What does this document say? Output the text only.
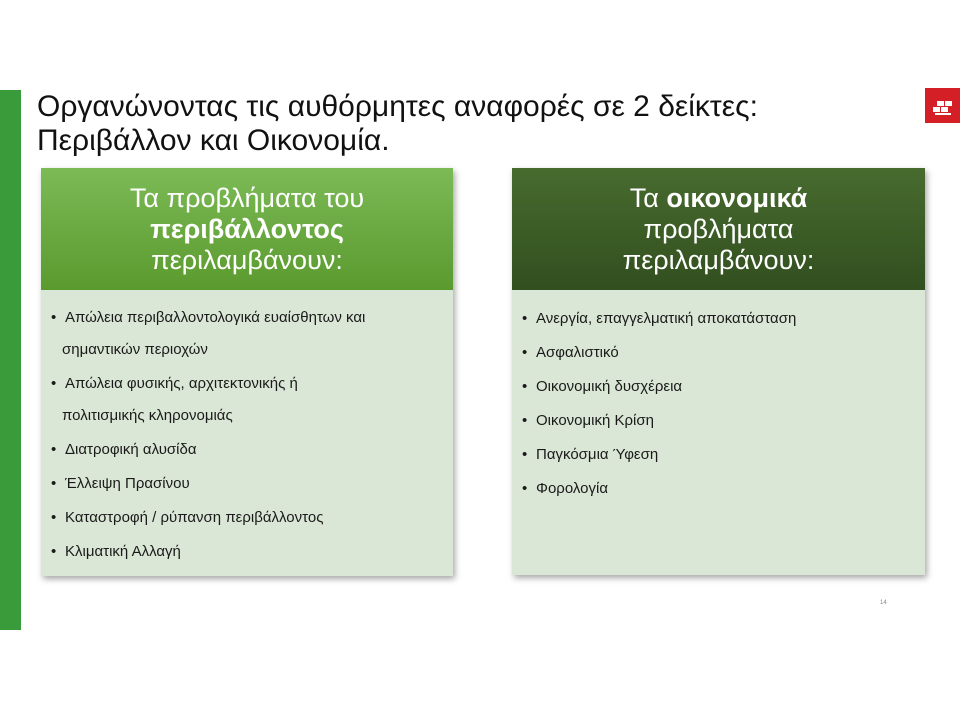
Οργανώνοντας τις αυθόρμητες αναφορές σε 2 δείκτες:
Περιβάλλον και Οικονομία.
Τα προβλήματα του
περιβάλλοντος
περιλαμβάνουν:
• Απώλεια περιβαλλοντολογικά ευαίσθητων και
σημαντικών περιοχών
• Απώλεια φυσικής, αρχιτεκτονικής ή
πολιτισμικής κληρονομιάς
• Διατροφική αλυσίδα
• Έλλειψη Πρασίνου
• Καταστροφή / ρύπανση περιβάλλοντος
• Κλιματική Αλλαγή
Τα οικονομικά
προβλήματα
περιλαμβάνουν:
• Ανεργία, επαγγελματική αποκατάσταση
• Ασφαλιστικό
• Οικονομική δυσχέρεια
• Οικονομική Κρίση
• Παγκόσμια Ύφεση
• Φορολογία
14
